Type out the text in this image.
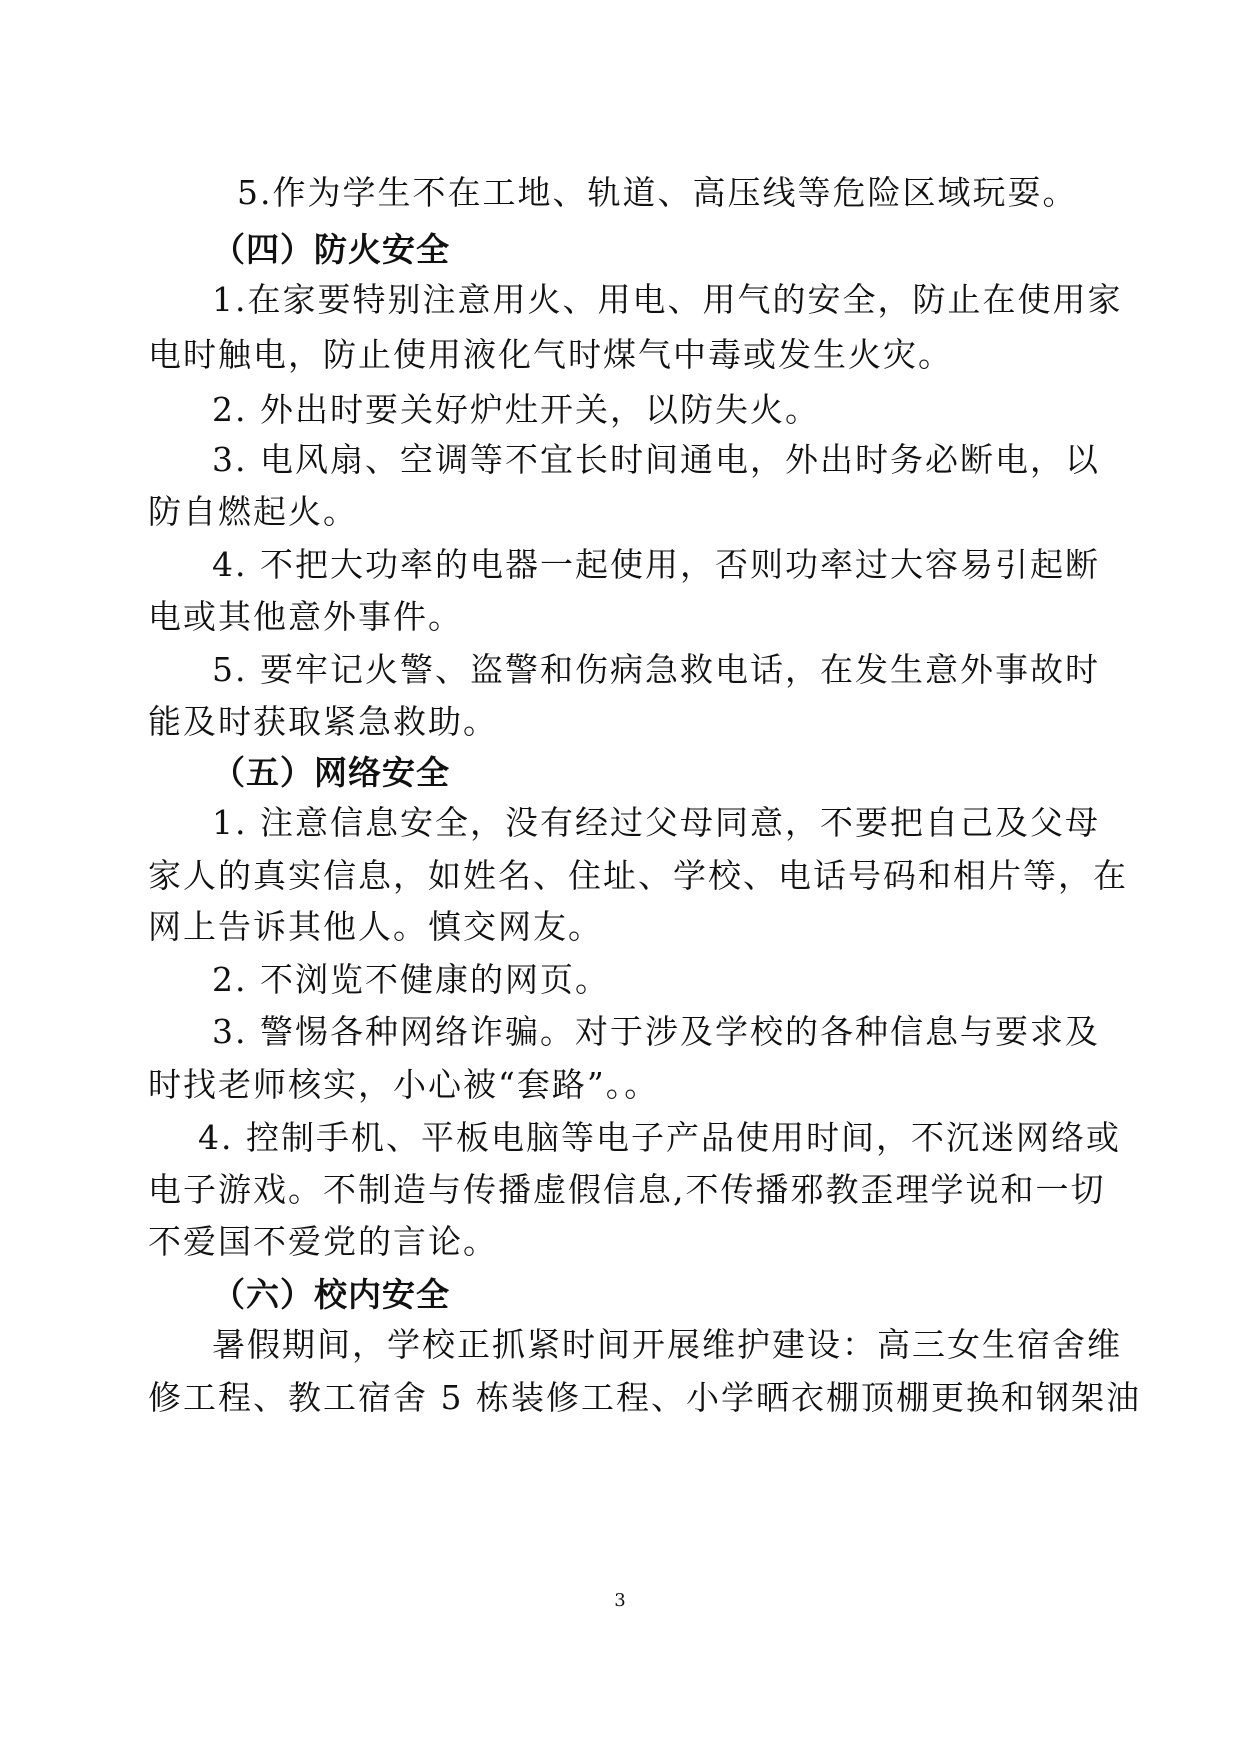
5.作为学生不在工地、轨道、高压线等危险区域玩耍。
（四）防火安全
1.在家要特别注意用火、用电、用气的安全，防止在使用家
电时触电，防止使用液化气时煤气中毒或发生火灾。
2. 外出时要关好炉灶开关，以防失火。
3. 电风扇、空调等不宜长时间通电，外出时务必断电，以
防自燃起火。
4. 不把大功率的电器一起使用，否则功率过大容易引起断
电或其他意外事件。
5. 要牢记火警、盗警和伤病急救电话，在发生意外事故时
能及时获取紧急救助。
（五）网络安全
1. 注意信息安全，没有经过父母同意，不要把自己及父母
家人的真实信息，如姓名、住址、学校、电话号码和相片等，在
网上告诉其他人。慎交网友。
2. 不浏览不健康的网页。
3. 警惕各种网络诈骗。对于涉及学校的各种信息与要求及
时找老师核实，小心被“套路”。。
4. 控制手机、平板电脑等电子产品使用时间，不沉迷网络或
电子游戏。不制造与传播虚假信息,不传播邪教歪理学说和一切
不爱国不爱党的言论。
（六）校内安全
暑假期间，学校正抓紧时间开展维护建设：高三女生宿舍维
修工程、教工宿舍 5 栋装修工程、小学晒衣棚顶棚更换和钢架油
3
